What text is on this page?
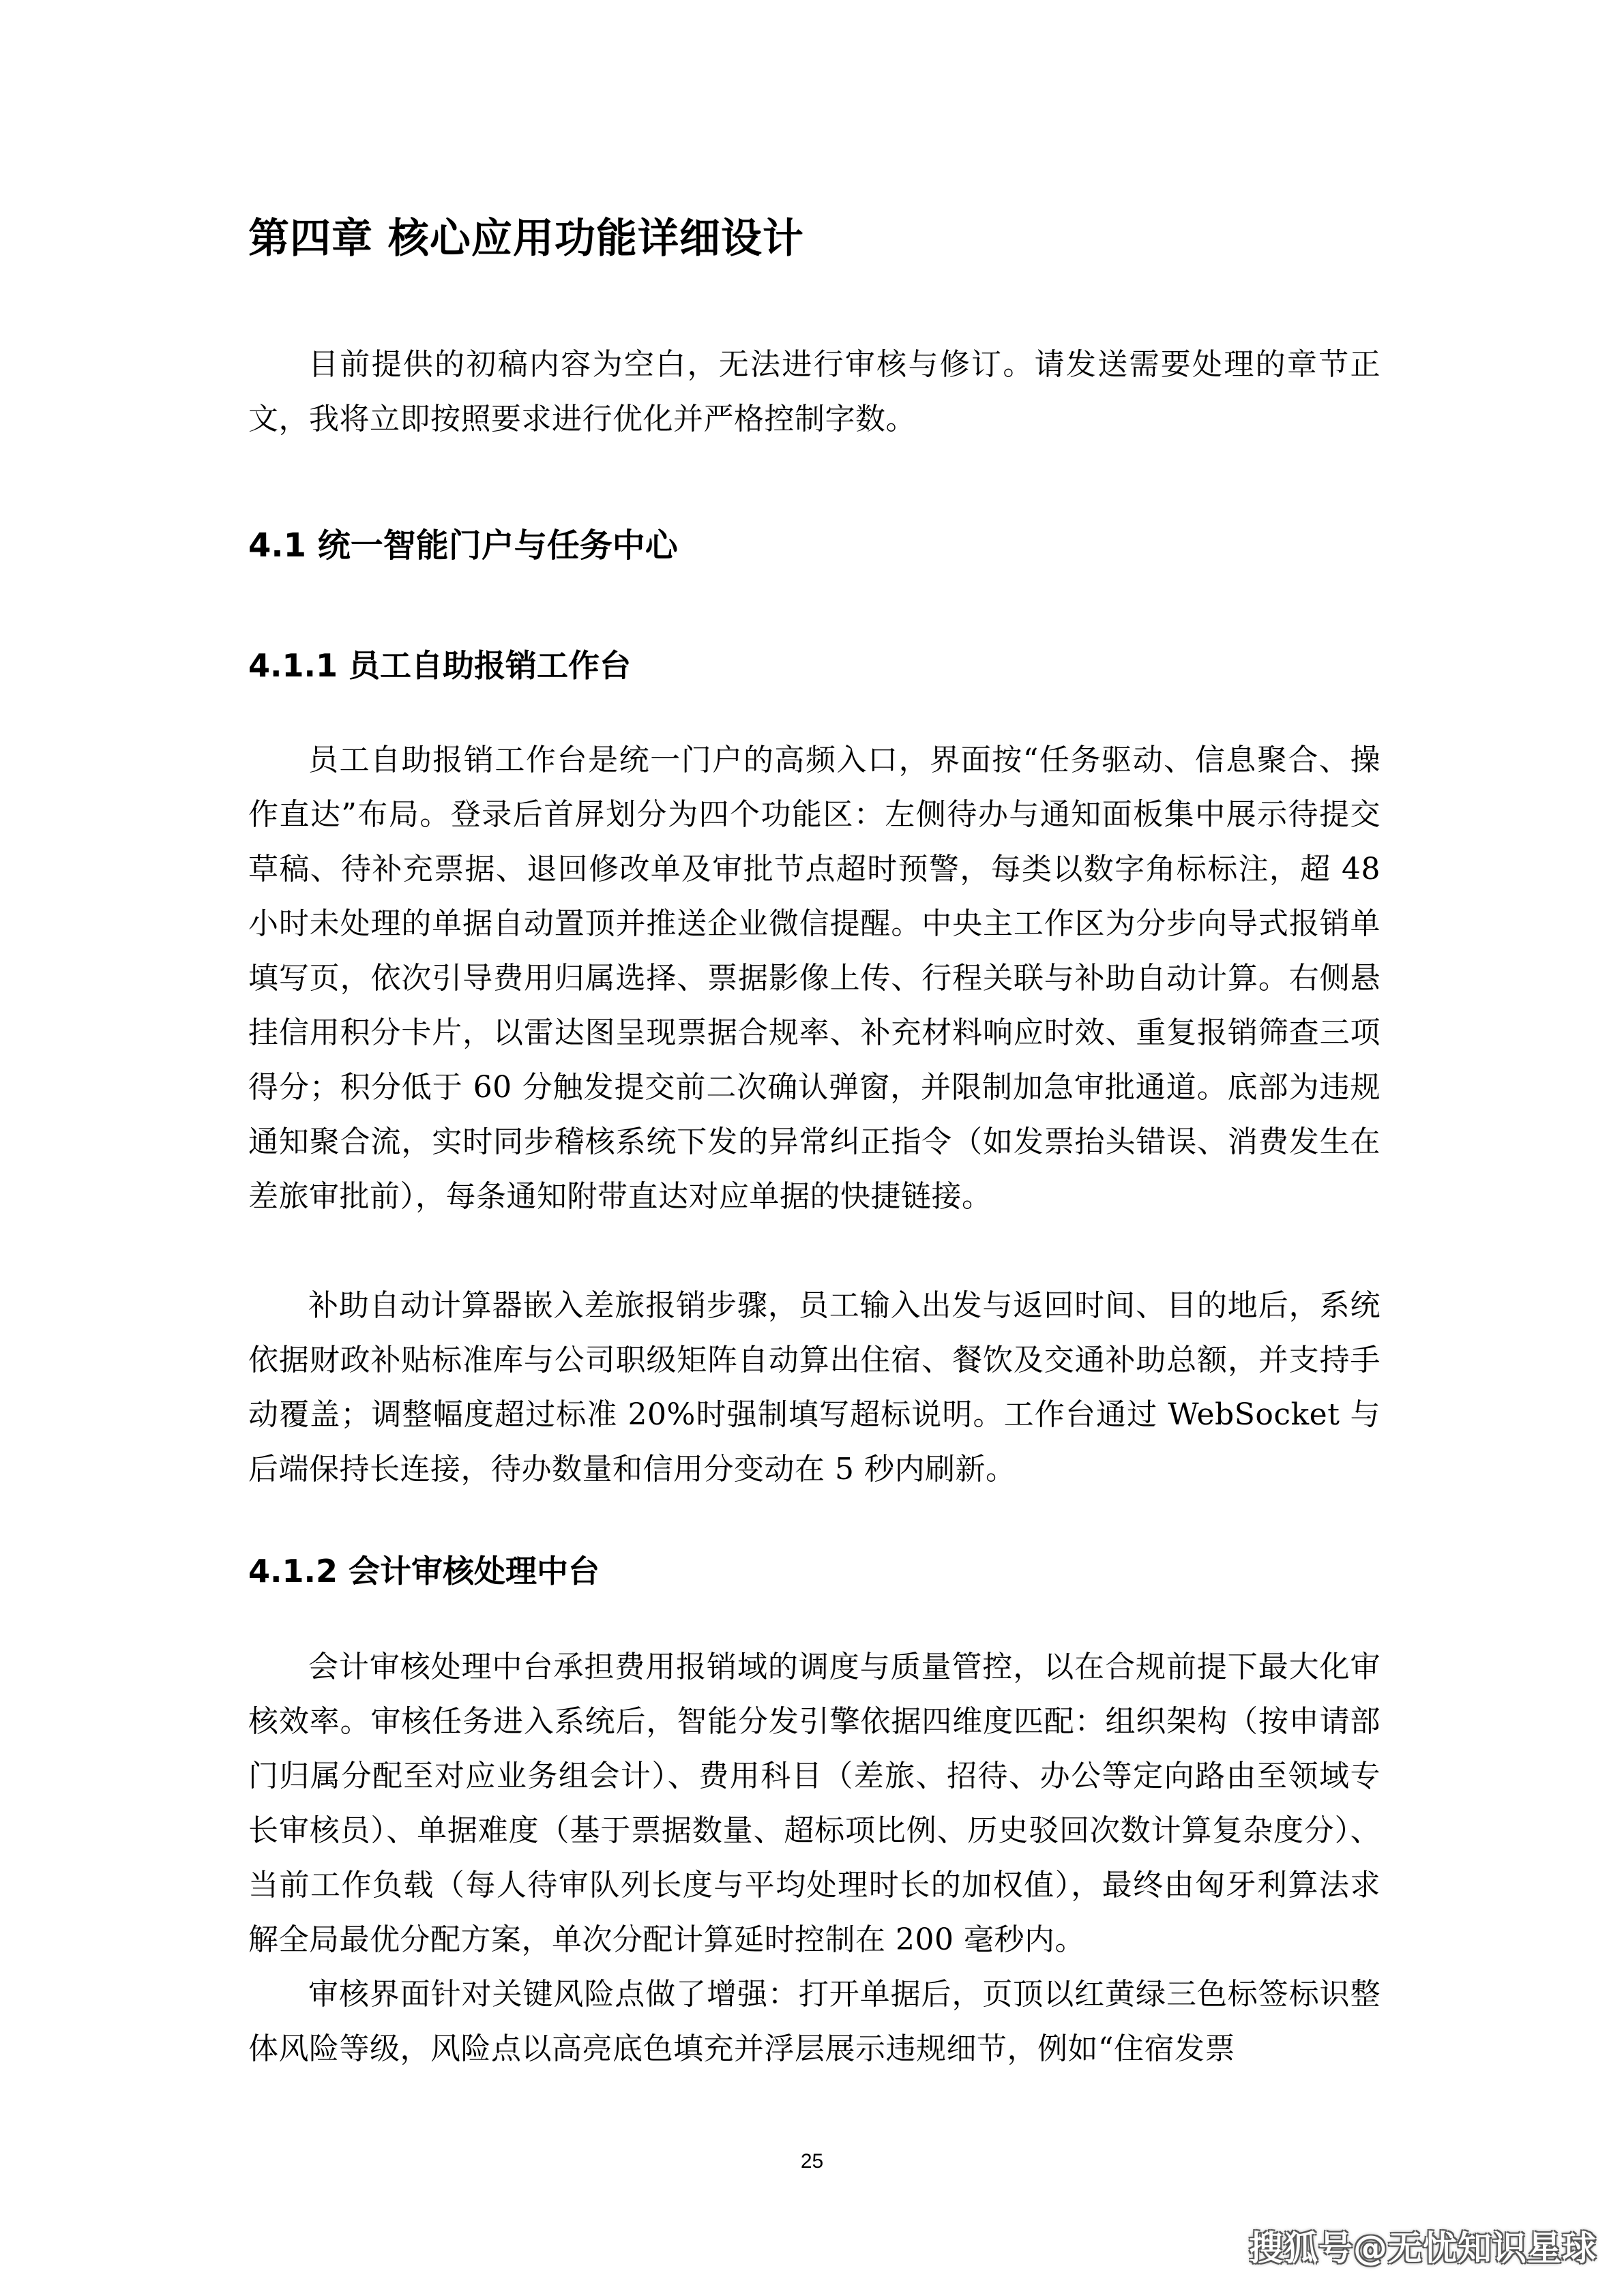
第四章 核心应用功能详细设计

目前提供的初稿内容为空白，无法进行审核与修订。请发送需要处理的章节正文，我将立即按照要求进行优化并严格控制字数。

4.1 统一智能门户与任务中心
4.1.1 员工自助报销工作台

员工自助报销工作台是统一门户的高频入口，界面按“任务驱动、信息聚合、操作直达”布局。登录后首屏划分为四个功能区：左侧待办与通知面板集中展示待提交草稿、待补充票据、退回修改单及审批节点超时预警，每类以数字角标标注，超 48 小时未处理的单据自动置顶并推送企业微信提醒。中央主工作区为分步向导式报销单填写页，依次引导费用归属选择、票据影像上传、行程关联与补助自动计算。右侧悬挂信用积分卡片，以雷达图呈现票据合规率、补充材料响应时效、重复报销筛查三项得分；积分低于 60 分触发提交前二次确认弹窗，并限制加急审批通道。底部为违规通知聚合流，实时同步稽核系统下发的异常纠正指令（如发票抬头错误、消费发生在差旅审批前），每条通知附带直达对应单据的快捷链接。

补助自动计算器嵌入差旅报销步骤，员工输入出发与返回时间、目的地后，系统依据财政补贴标准库与公司职级矩阵自动算出住宿、餐饮及交通补助总额，并支持手动覆盖；调整幅度超过标准 20%时强制填写超标说明。工作台通过 WebSocket 与后端保持长连接，待办数量和信用分变动在 5 秒内刷新。

4.1.2 会计审核处理中台

会计审核处理中台承担费用报销域的调度与质量管控，以在合规前提下最大化审核效率。审核任务进入系统后，智能分发引擎依据四维度匹配：组织架构（按申请部门归属分配至对应业务组会计）、费用科目（差旅、招待、办公等定向路由至领域专长审核员）、单据难度（基于票据数量、超标项比例、历史驳回次数计算复杂度分）、当前工作负载（每人待审队列长度与平均处理时长的加权值），最终由匈牙利算法求解全局最优分配方案，单次分配计算延时控制在 200 毫秒内。

审核界面针对关键风险点做了增强：打开单据后，页顶以红黄绿三色标签标识整体风险等级，风险点以高亮底色填充并浮层展示违规细节，例如“住宿发票

25
搜狐号@无忧知识星球
